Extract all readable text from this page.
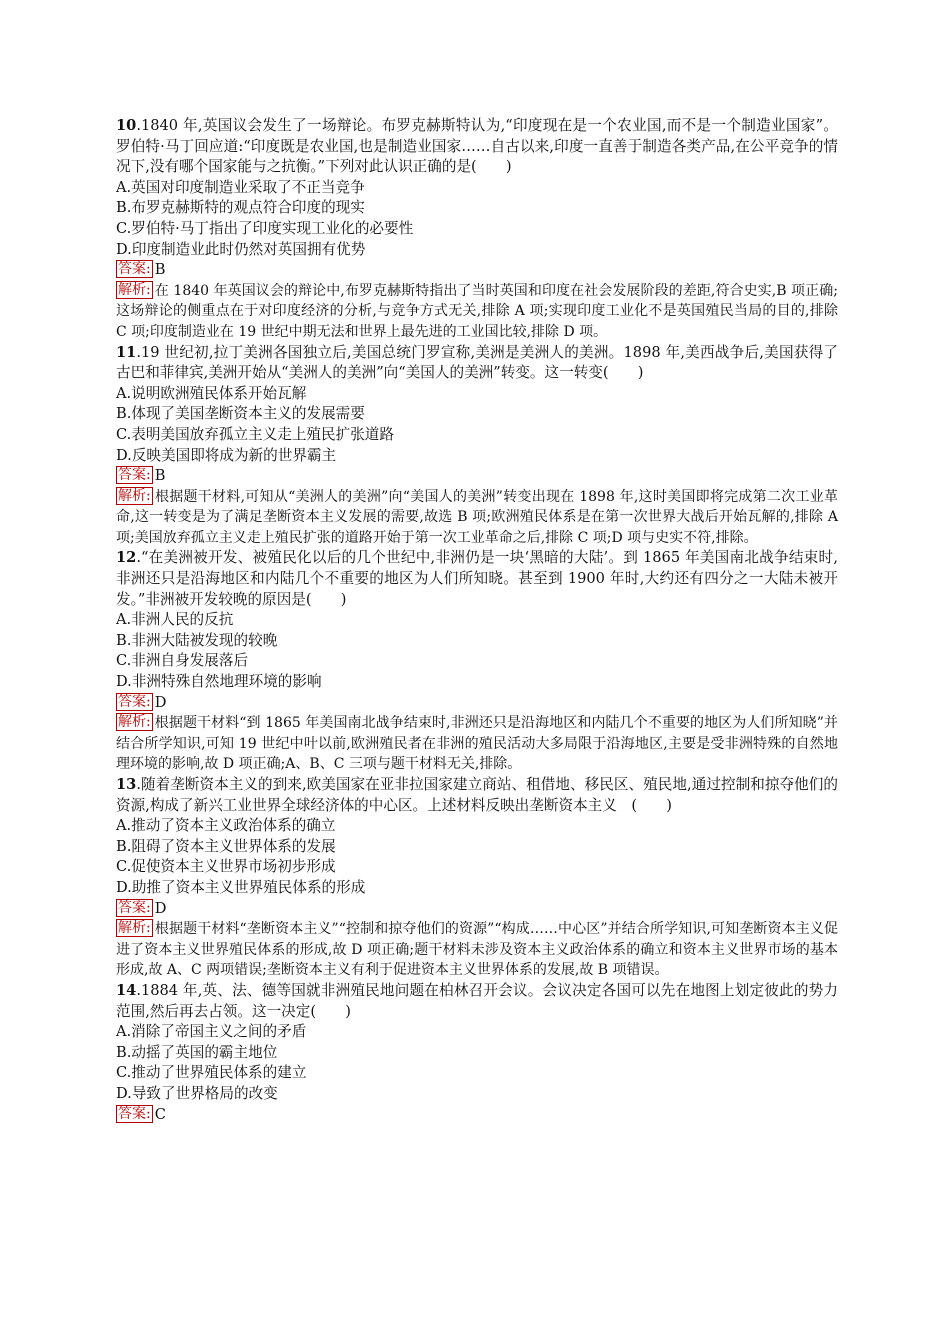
10.1840 年,英国议会发生了一场辩论。布罗克赫斯特认为,“印度现在是一个农业国,而不是一个制造业国家”。罗伯特·马丁回应道:“印度既是农业国,也是制造业国家……自古以来,印度一直善于制造各类产品,在公平竞争的情况下,没有哪个国家能与之抗衡。”下列对此认识正确的是(　　)
A.英国对印度制造业采取了不正当竞争
B.布罗克赫斯特的观点符合印度的现实
C.罗伯特·马丁指出了印度实现工业化的必要性
D.印度制造业此时仍然对英国拥有优势
答案: B
解析: 在 1840 年英国议会的辩论中,布罗克赫斯特指出了当时英国和印度在社会发展阶段的差距,符合史实,B 项正确;这场辩论的侧重点在于对印度经济的分析,与竞争方式无关,排除 A 项;实现印度工业化不是英国殖民当局的目的,排除 C 项;印度制造业在 19 世纪中期无法和世界上最先进的工业国比较,排除 D 项。
11.19 世纪初,拉丁美洲各国独立后,美国总统门罗宣称,美洲是美洲人的美洲。1898 年,美西战争后,美国获得了古巴和菲律宾,美洲开始从“美洲人的美洲”向“美国人的美洲”转变。这一转变(　　)
A.说明欧洲殖民体系开始瓦解
B.体现了美国垄断资本主义的发展需要
C.表明美国放弃孤立主义走上殖民扩张道路
D.反映美国即将成为新的世界霸主
答案: B
解析: 根据题干材料,可知从“美洲人的美洲”向“美国人的美洲”转变出现在 1898 年,这时美国即将完成第二次工业革命,这一转变是为了满足垄断资本主义发展的需要,故选 B 项;欧洲殖民体系是在第一次世界大战后开始瓦解的,排除 A 项;美国放弃孤立主义走上殖民扩张的道路开始于第一次工业革命之后,排除 C 项;D 项与史实不符,排除。
12.“在美洲被开发、被殖民化以后的几个世纪中,非洲仍是一块‘黑暗的大陆’。到 1865 年美国南北战争结束时,非洲还只是沿海地区和内陆几个不重要的地区为人们所知晓。甚至到 1900 年时,大约还有四分之一大陆未被开发。”非洲被开发较晚的原因是(　　)
A.非洲人民的反抗
B.非洲大陆被发现的较晚
C.非洲自身发展落后
D.非洲特殊自然地理环境的影响
答案: D
解析: 根据题干材料“到 1865 年美国南北战争结束时,非洲还只是沿海地区和内陆几个不重要的地区为人们所知晓”并结合所学知识,可知 19 世纪中叶以前,欧洲殖民者在非洲的殖民活动大多局限于沿海地区,主要是受非洲特殊的自然地理环境的影响,故 D 项正确;A、B、C 三项与题干材料无关,排除。
13.随着垄断资本主义的到来,欧美国家在亚非拉国家建立商站、租借地、移民区、殖民地,通过控制和掠夺他们的资源,构成了新兴工业世界全球经济体的中心区。上述材料反映出垄断资本主义　(　　)
A.推动了资本主义政治体系的确立
B.阻碍了资本主义世界体系的发展
C.促使资本主义世界市场初步形成
D.助推了资本主义世界殖民体系的形成
答案: D
解析: 根据题干材料“垄断资本主义”“控制和掠夺他们的资源”“构成……中心区”并结合所学知识,可知垄断资本主义促进了资本主义世界殖民体系的形成,故 D 项正确;题干材料未涉及资本主义政治体系的确立和资本主义世界市场的基本形成,故 A、C 两项错误;垄断资本主义有利于促进资本主义世界体系的发展,故 B 项错误。
14.1884 年,英、法、德等国就非洲殖民地问题在柏林召开会议。会议决定各国可以先在地图上划定彼此的势力范围,然后再去占领。这一决定(　　)
A.消除了帝国主义之间的矛盾
B.动摇了英国的霸主地位
C.推动了世界殖民体系的建立
D.导致了世界格局的改变
答案: C
